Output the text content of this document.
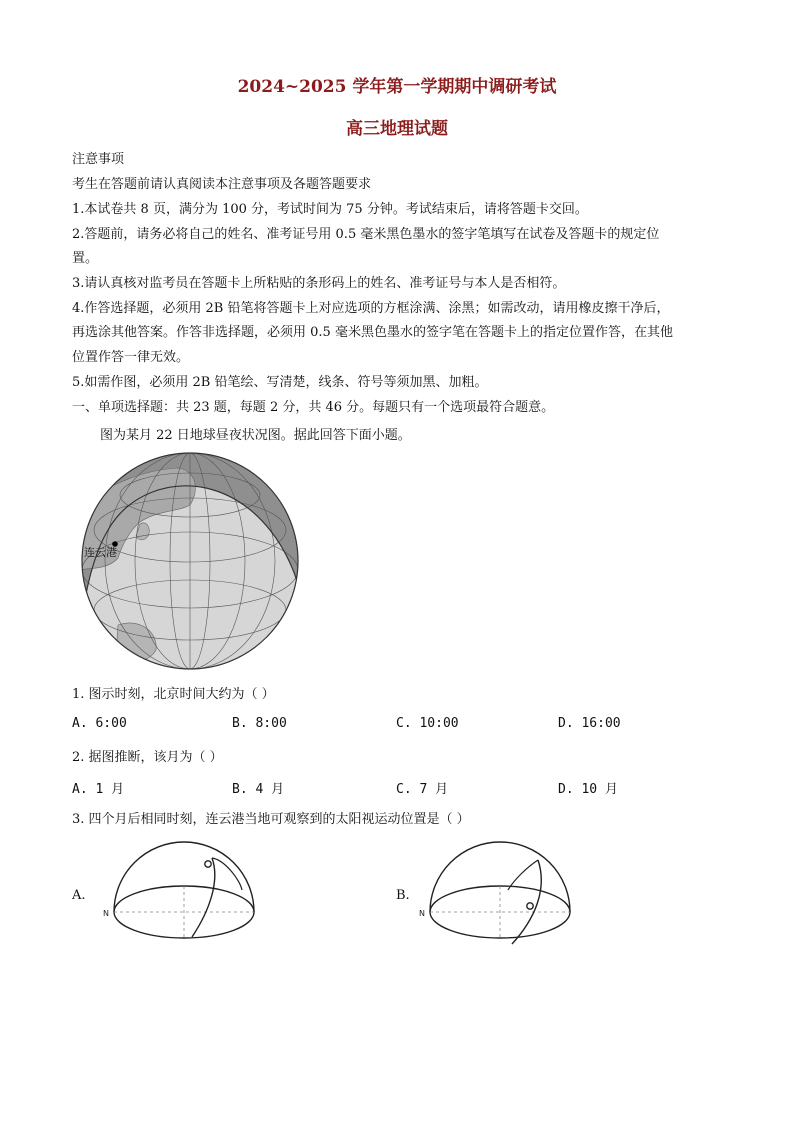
2024~2025 学年第一学期期中调研考试
高三地理试题
注意事项
考生在答题前请认真阅读本注意事项及各题答题要求
1.本试卷共 8 页，满分为 100 分，考试时间为 75 分钟。考试结束后，请将答题卡交回。
2.答题前，请务必将自己的姓名、准考证号用 0.5 毫米黑色墨水的签字笔填写在试卷及答题卡的规定位
置。
3.请认真核对监考员在答题卡上所粘贴的条形码上的姓名、准考证号与本人是否相符。
4.作答选择题，必须用 2B 铅笔将答题卡上对应选项的方框涂满、涂黑；如需改动，请用橡皮擦干净后，
再选涂其他答案。作答非选择题，必须用 0.5 毫米黑色墨水的签字笔在答题卡上的指定位置作答，在其他
位置作答一律无效。
5.如需作图，必须用 2B 铅笔绘、写清楚，线条、符号等须加黑、加粗。
一、单项选择题：共 23 题，每题 2 分，共 46 分。每题只有一个选项最符合题意。
图为某月 22 日地球昼夜状况图。据此回答下面小题。
连云港
1. 图示时刻，北京时间大约为（ ）
A. 6:00	B. 8:00	C. 10:00	D. 16:00
2. 据图推断，该月为（ ）
A. 1 月	B. 4 月	C. 7 月	D. 10 月
3. 四个月后相同时刻，连云港当地可观察到的太阳视运动位置是（ ）
A.
N
B.
N
